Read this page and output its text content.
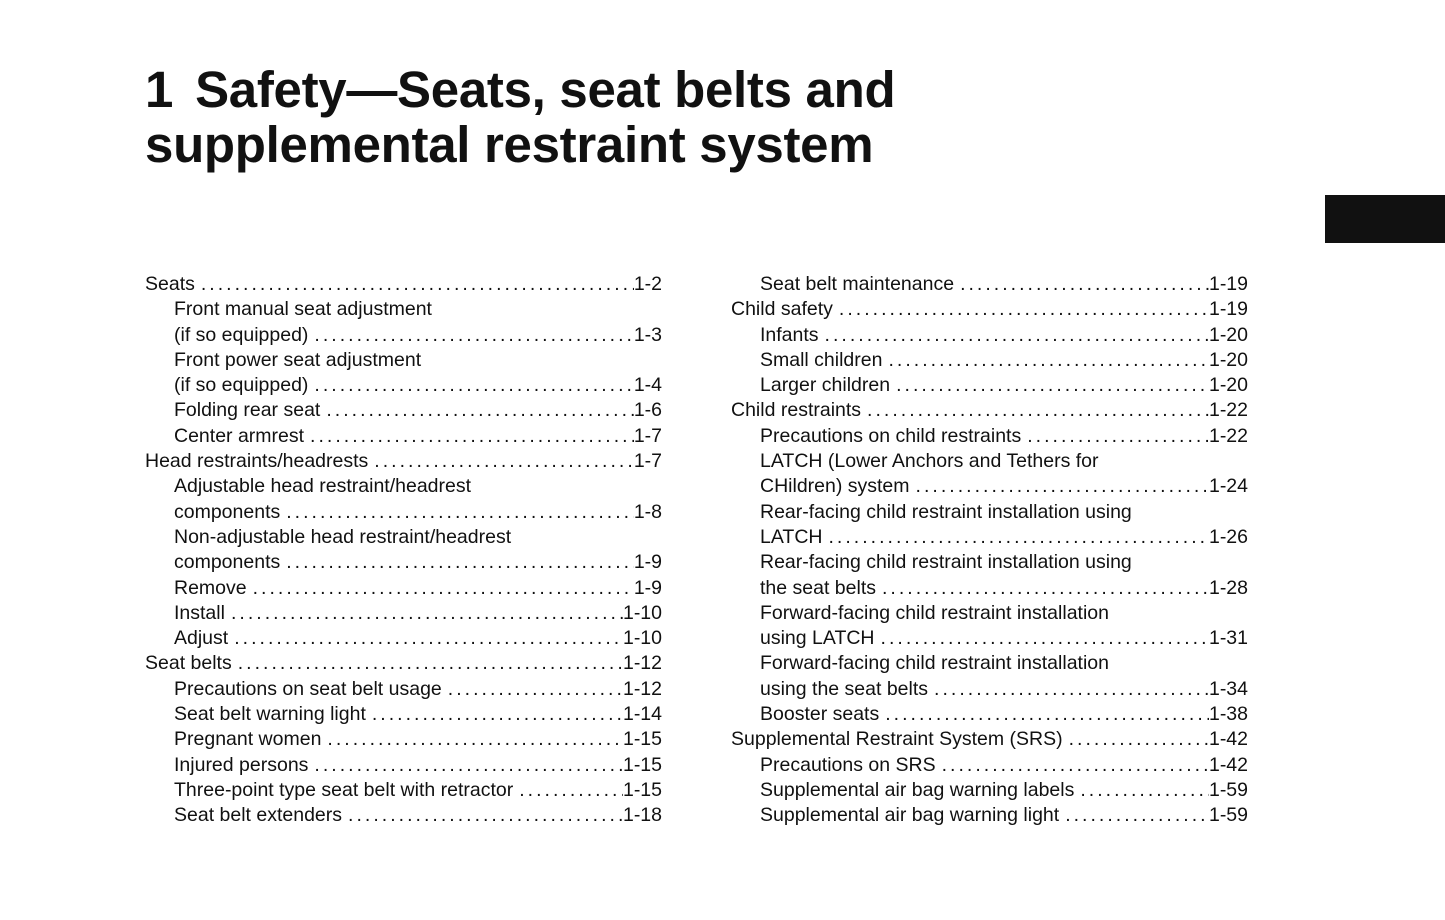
1 Safety—Seats, seat belts and
supplemental restraint system
Seats . . .	1-2
Front manual seat adjustment
(if so equipped) . . .	1-3
Front power seat adjustment
(if so equipped) . . .	1-4
Folding rear seat . . .	1-6
Center armrest . . .	1-7
Head restraints/headrests . . .	1-7
Adjustable head restraint/headrest
components . . .	1-8
Non-adjustable head restraint/headrest
components . . .	1-9
Remove . . .	1-9
Install . . .	1-10
Adjust . . .	1-10
Seat belts . . .	1-12
Precautions on seat belt usage . . .	1-12
Seat belt warning light . . .	1-14
Pregnant women . . .	1-15
Injured persons . . .	1-15
Three-point type seat belt with retractor . . .	1-15
Seat belt extenders . . .	1-18
Seat belt maintenance . . .	1-19
Child safety . . .	1-19
Infants . . .	1-20
Small children . . .	1-20
Larger children . . .	1-20
Child restraints . . .	1-22
Precautions on child restraints . . .	1-22
LATCH (Lower Anchors and Tethers for
CHildren) system . . .	1-24
Rear-facing child restraint installation using
LATCH . . .	1-26
Rear-facing child restraint installation using
the seat belts . . .	1-28
Forward-facing child restraint installation
using LATCH . . .	1-31
Forward-facing child restraint installation
using the seat belts . . .	1-34
Booster seats . . .	1-38
Supplemental Restraint System (SRS) . . .	1-42
Precautions on SRS . . .	1-42
Supplemental air bag warning labels . . .	1-59
Supplemental air bag warning light . . .	1-59
